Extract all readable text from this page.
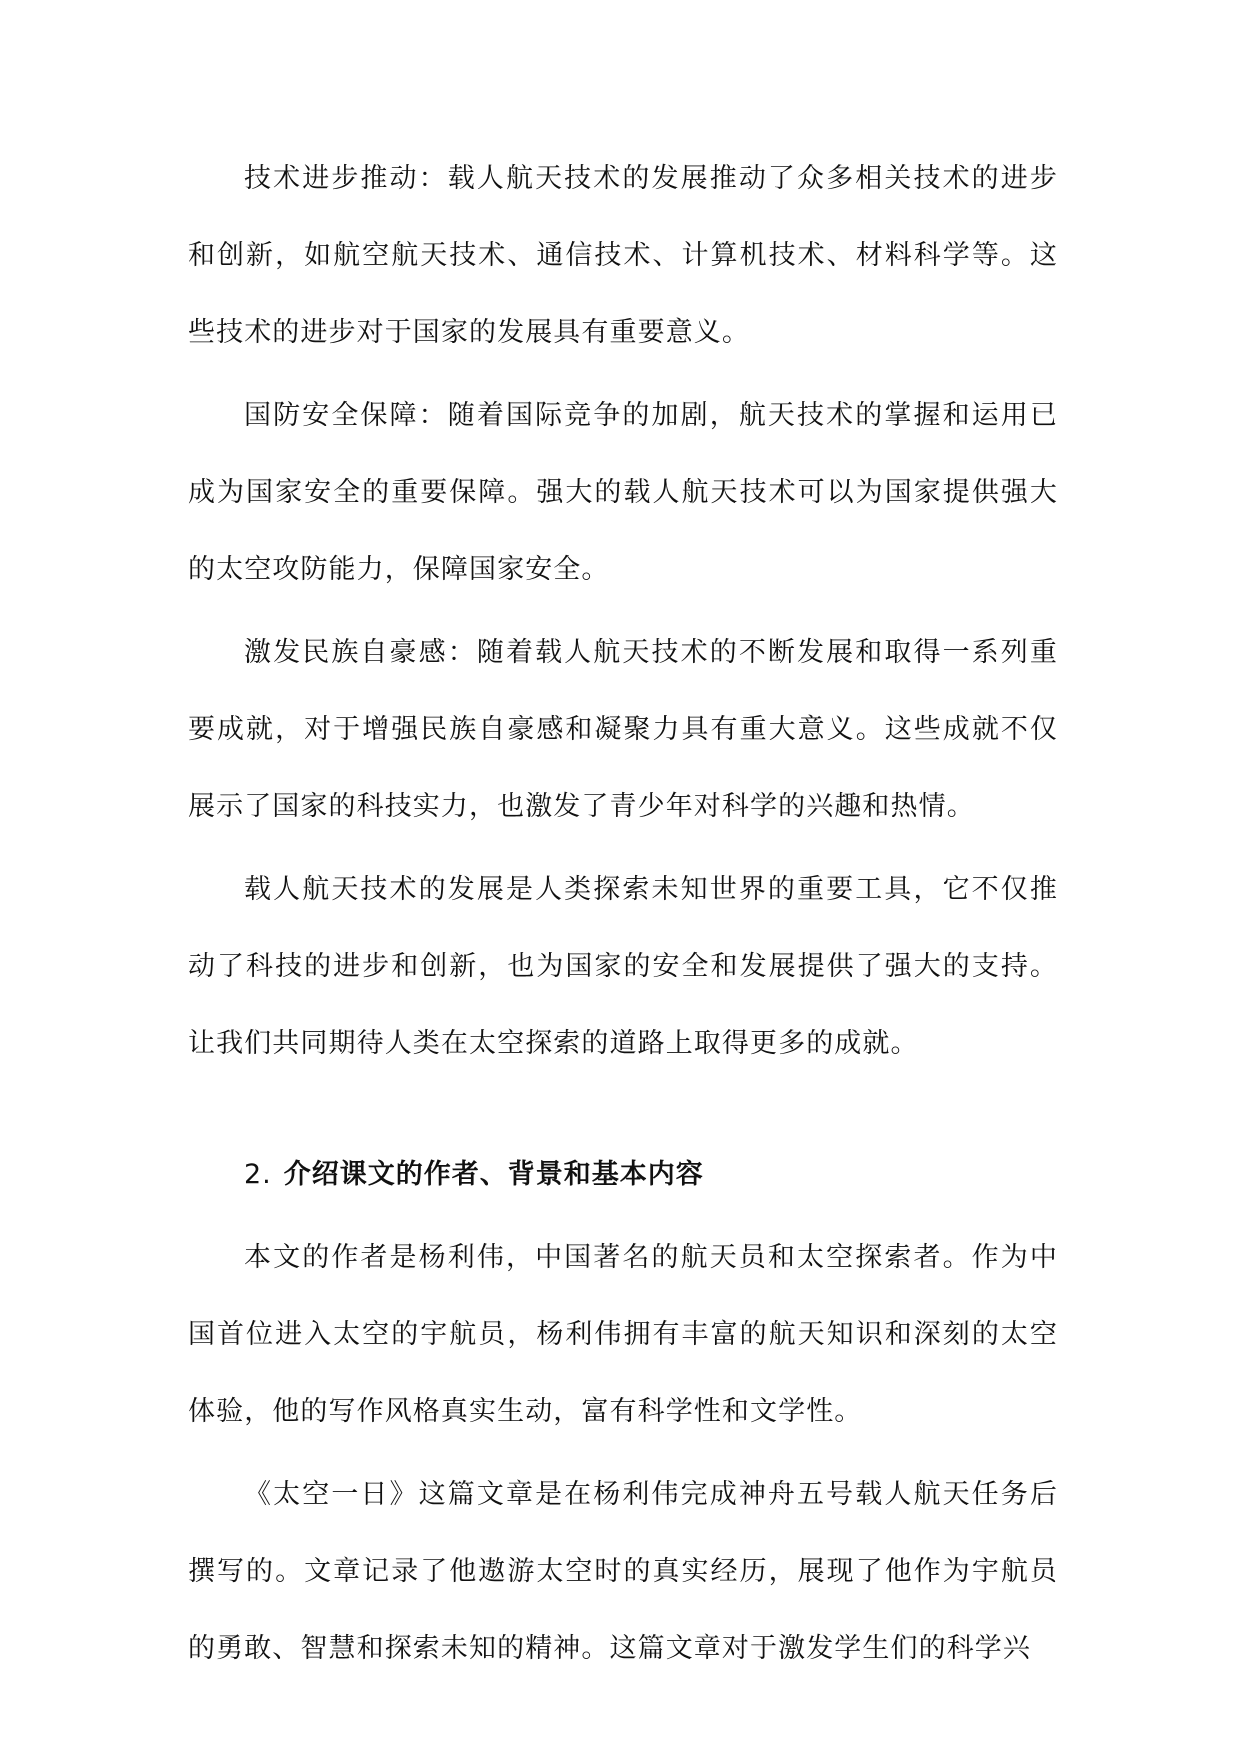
技术进步推动：载人航天技术的发展推动了众多相关技术的进步和创新，如航空航天技术、通信技术、计算机技术、材料科学等。这些技术的进步对于国家的发展具有重要意义。

国防安全保障：随着国际竞争的加剧，航天技术的掌握和运用已成为国家安全的重要保障。强大的载人航天技术可以为国家提供强大的太空攻防能力，保障国家安全。

激发民族自豪感：随着载人航天技术的不断发展和取得一系列重要成就，对于增强民族自豪感和凝聚力具有重大意义。这些成就不仅展示了国家的科技实力，也激发了青少年对科学的兴趣和热情。

载人航天技术的发展是人类探索未知世界的重要工具，它不仅推动了科技的进步和创新，也为国家的安全和发展提供了强大的支持。让我们共同期待人类在太空探索的道路上取得更多的成就。

2. 介绍课文的作者、背景和基本内容

本文的作者是杨利伟，中国著名的航天员和太空探索者。作为中国首位进入太空的宇航员，杨利伟拥有丰富的航天知识和深刻的太空体验，他的写作风格真实生动，富有科学性和文学性。

《太空一日》这篇文章是在杨利伟完成神舟五号载人航天任务后撰写的。文章记录了他遨游太空时的真实经历，展现了他作为宇航员的勇敢、智慧和探索未知的精神。这篇文章对于激发学生们的科学兴
